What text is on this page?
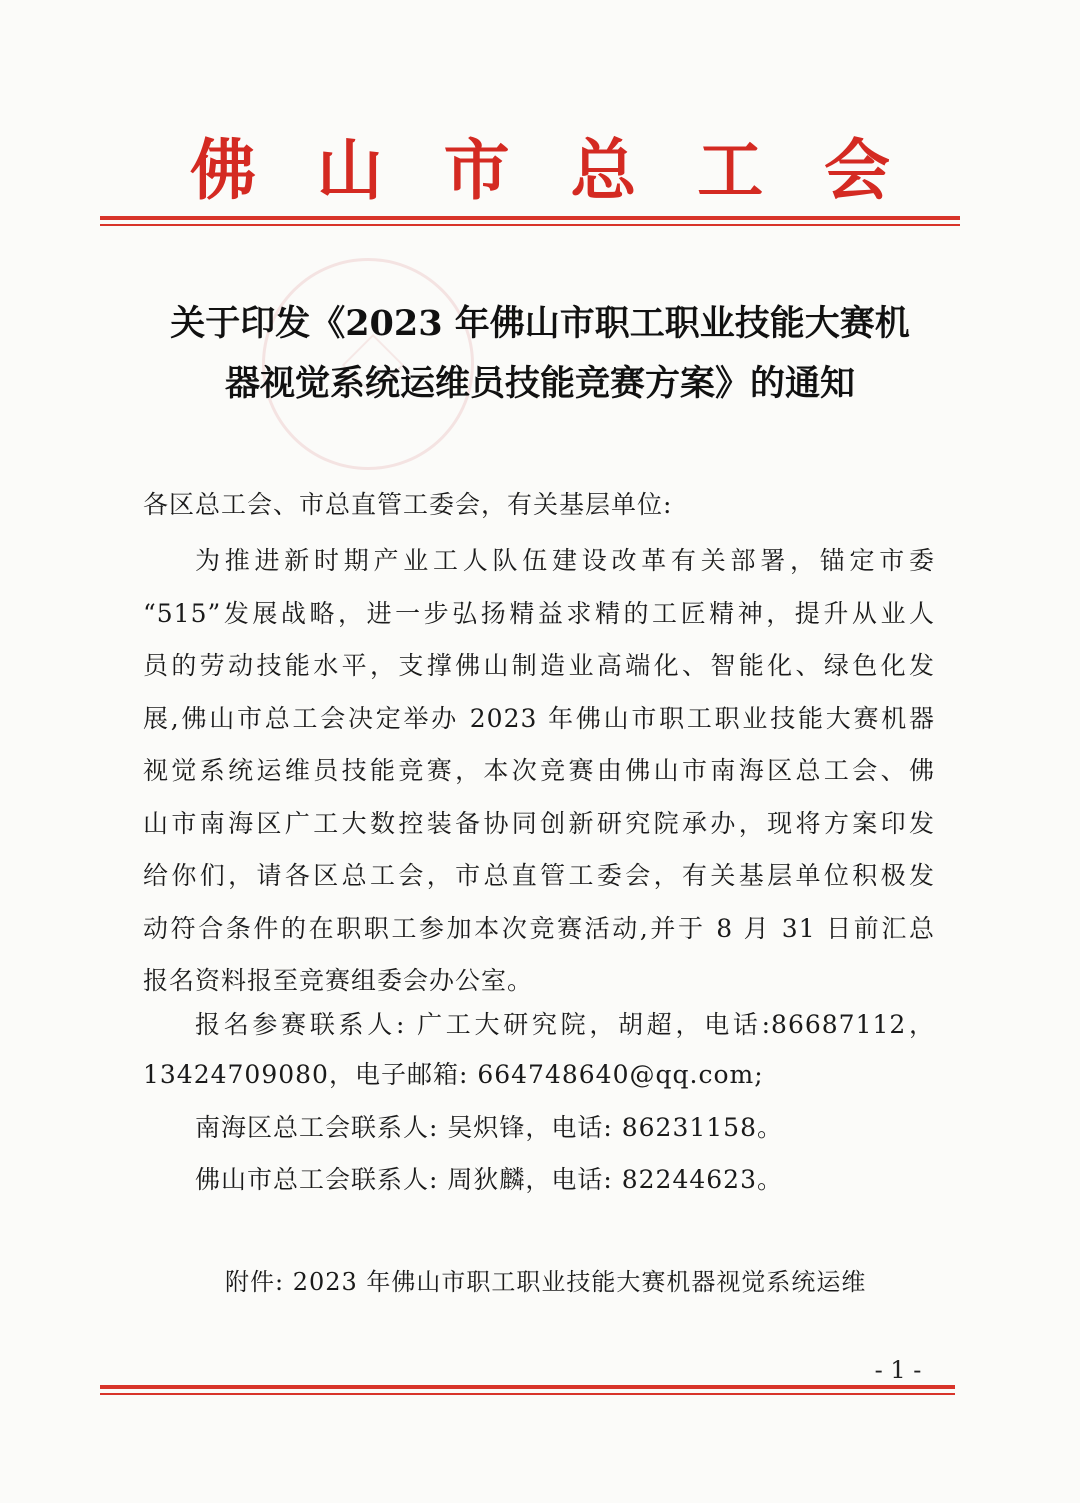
佛 山 市 总 工 会
关于印发《2023 年佛山市职工职业技能大赛机
器视觉系统运维员技能竞赛方案》的通知
各区总工会、市总直管工委会，有关基层单位:
为推进新时期产业工人队伍建设改革有关部署，锚定市委
“515”发展战略，进一步弘扬精益求精的工匠精神，提升从业人
员的劳动技能水平，支撑佛山制造业高端化、智能化、绿色化发
展,佛山市总工会决定举办 2023 年佛山市职工职业技能大赛机器
视觉系统运维员技能竞赛，本次竞赛由佛山市南海区总工会、佛
山市南海区广工大数控装备协同创新研究院承办，现将方案印发
给你们，请各区总工会，市总直管工委会，有关基层单位积极发
动符合条件的在职职工参加本次竞赛活动,并于 8 月 31 日前汇总
报名资料报至竞赛组委会办公室。
报名参赛联系人: 广工大研究院，胡超，电话:86687112，
13424709080，电子邮箱: 664748640@qq.com;
南海区总工会联系人: 吴炽锋，电话: 86231158。
佛山市总工会联系人: 周狄麟，电话: 82244623。
附件: 2023 年佛山市职工职业技能大赛机器视觉系统运维
- 1 -
